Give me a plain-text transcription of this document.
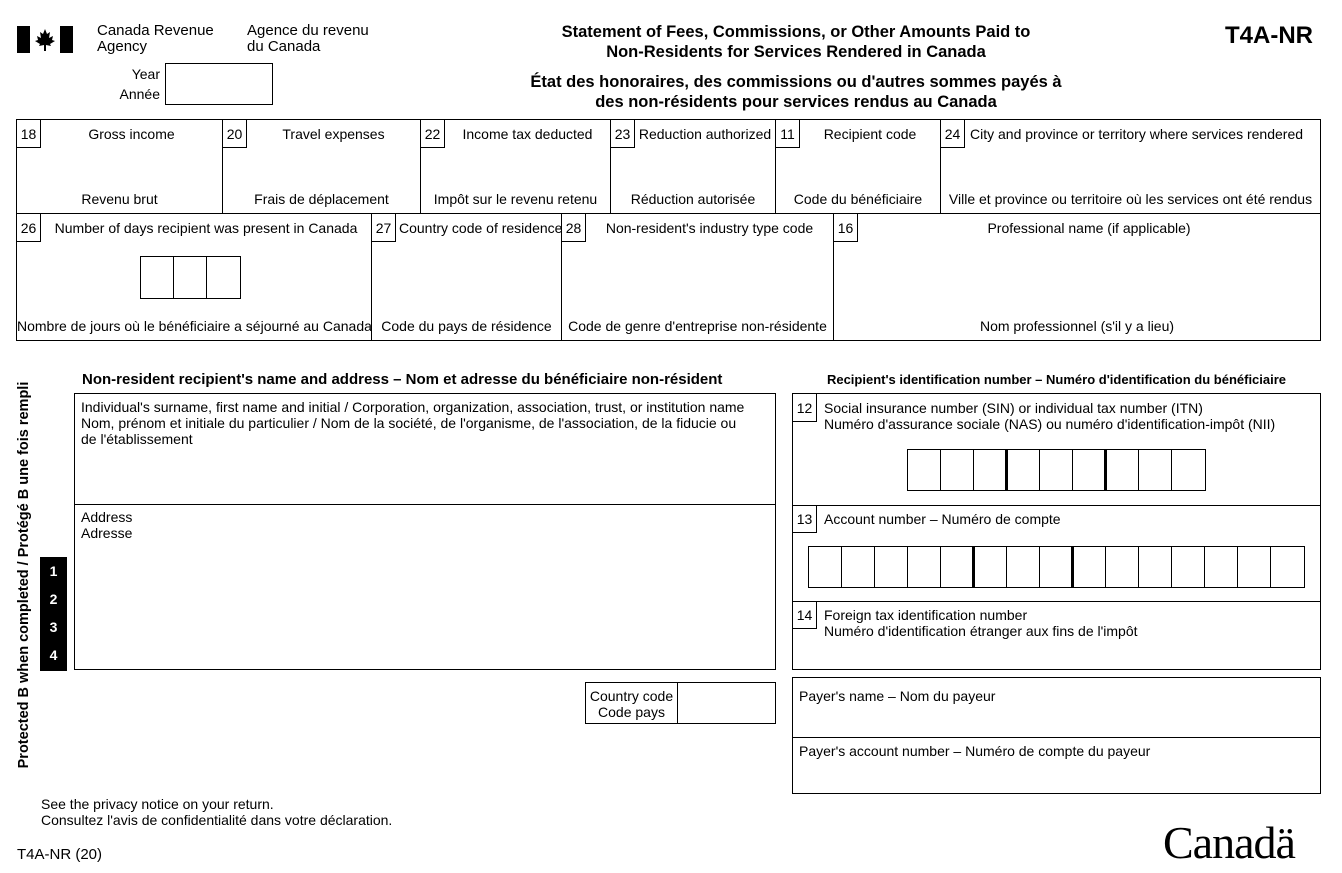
Canada Revenue
Agency
Agence du revenu
du Canada
Year
Année
Statement of Fees, Commissions, or Other Amounts Paid to
Non-Residents for Services Rendered in Canada
État des honoraires, des commissions ou d'autres sommes payés à
des non-résidents pour services rendus au Canada
T4A-NR
18	Gross income
Revenu brut
20	Travel expenses
Frais de déplacement
22	Income tax deducted
Impôt sur le revenu retenu
23 Reduction authorized
Réduction autorisée
11	Recipient code
Code du bénéficiaire
24 City and province or territory where services rendered
Ville et province ou territoire où les services ont été rendus
26	Number of days recipient was present in Canada
Nombre de jours où le bénéficiaire a séjourné au Canada
27 Country code of residence
Code du pays de résidence
28	Non-resident's industry type code
Code de genre d'entreprise non-résidente
16	Professional name (if applicable)
Nom professionnel (s'il y a lieu)
Protected B when completed / Protégé B une fois rempli
Non-resident recipient's name and address – Nom et adresse du bénéficiaire non-résident
Individual's surname, first name and initial / Corporation, organization, association, trust, or institution name
Nom, prénom et initiale du particulier / Nom de la société, de l'organisme, de l'association, de la fiducie ou
de l'établissement
Address
Adresse
1
2
3
4
Country code
Code pays
Recipient's identification number – Numéro d'identification du bénéficiaire
12 Social insurance number (SIN) or individual tax number (ITN)
Numéro d'assurance sociale (NAS) ou numéro d'identification-impôt (NII)
13 Account number – Numéro de compte
14 Foreign tax identification number
Numéro d'identification étranger aux fins de l'impôt
Payer's name – Nom du payeur
Payer's account number – Numéro de compte du payeur
See the privacy notice on your return.
Consultez l'avis de confidentialité dans votre déclaration.
T4A-NR (20)	Canadä
